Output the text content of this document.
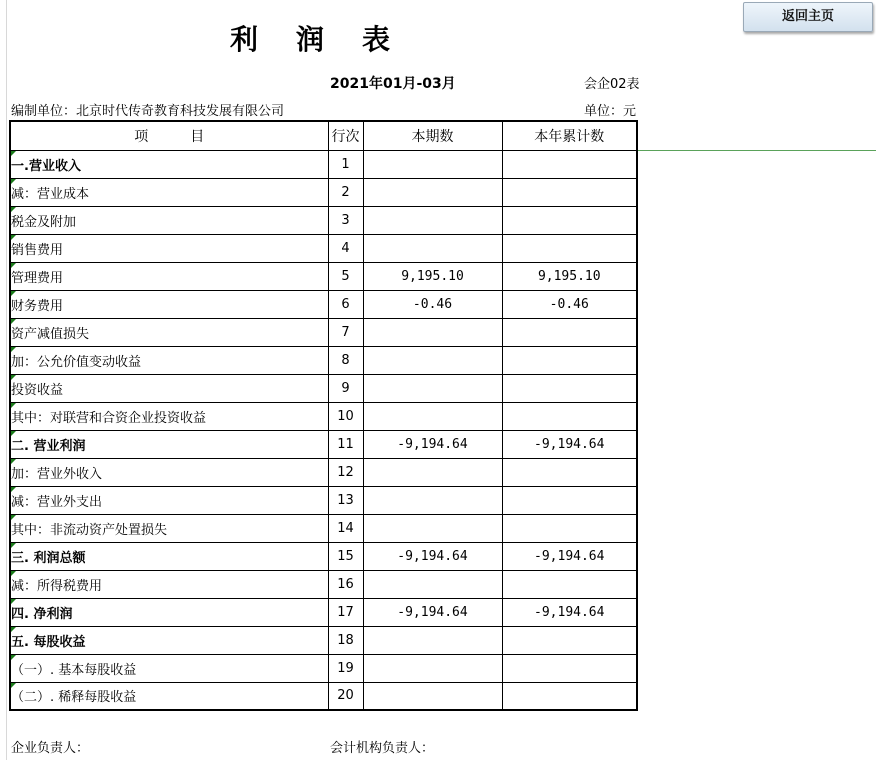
返回主页
利润表
2021年01月-03月	会企02表
编制单位：北京时代传奇教育科技发展有限公司	单位：元
项　　　目	行次	本期数	本年累计数
一.营业收入	1		
减：营业成本	2		
税金及附加	3		
销售费用	4		
管理费用	5	9,195.10	9,195.10
财务费用	6	-0.46	-0.46
资产减值损失	7		
加：公允价值变动收益	8		
投资收益	9		
其中：对联营和合资企业投资收益	10		
二. 营业利润	11	-9,194.64	-9,194.64
加：营业外收入	12		
减：营业外支出	13		
其中：非流动资产处置损失	14		
三. 利润总额	15	-9,194.64	-9,194.64
减：所得税费用	16		
四. 净利润	17	-9,194.64	-9,194.64
五. 每股收益	18		
（一）. 基本每股收益	19		
（二）. 稀释每股收益	20		
企业负责人：	会计机构负责人：
